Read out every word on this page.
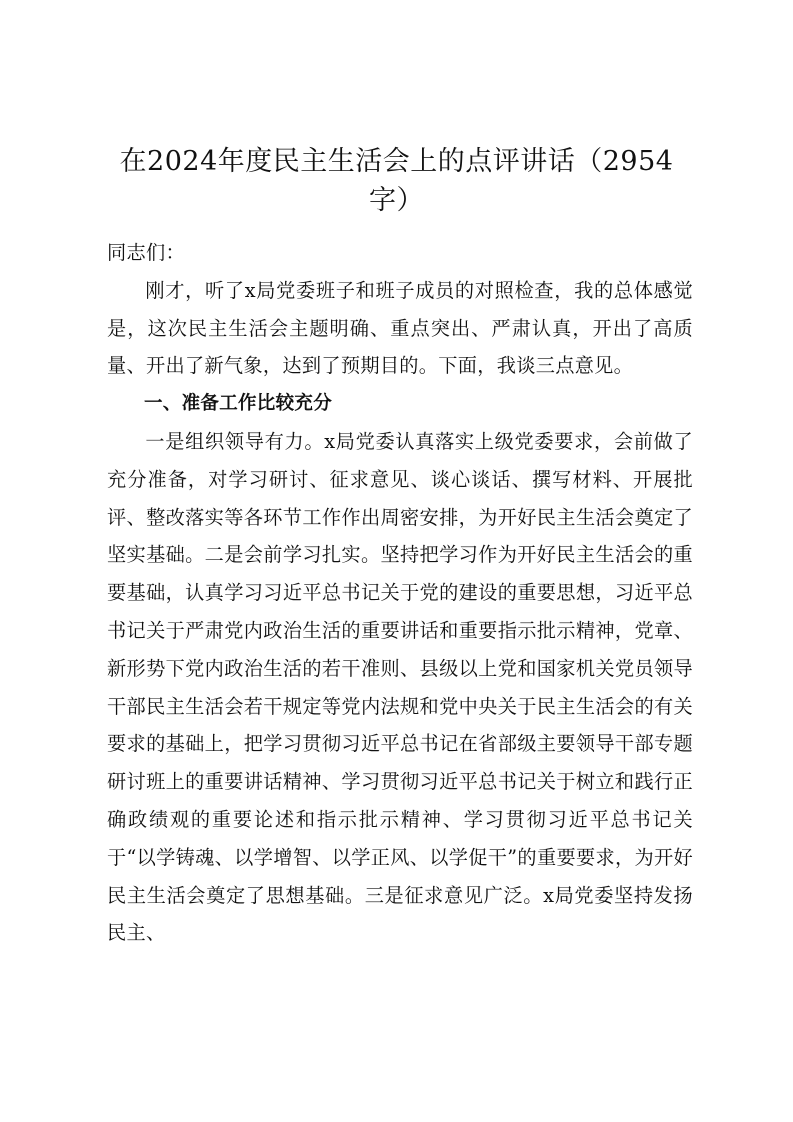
在2024年度民主生活会上的点评讲话（2954字）

同志们：

刚才，听了x局党委班子和班子成员的对照检查，我的总体感觉是，这次民主生活会主题明确、重点突出、严肃认真，开出了高质量、开出了新气象，达到了预期目的。下面，我谈三点意见。

一、准备工作比较充分

一是组织领导有力。x局党委认真落实上级党委要求，会前做了充分准备，对学习研讨、征求意见、谈心谈话、撰写材料、开展批评、整改落实等各环节工作作出周密安排，为开好民主生活会奠定了坚实基础。二是会前学习扎实。坚持把学习作为开好民主生活会的重要基础，认真学习习近平总书记关于党的建设的重要思想，习近平总书记关于严肃党内政治生活的重要讲话和重要指示批示精神，党章、新形势下党内政治生活的若干准则、县级以上党和国家机关党员领导干部民主生活会若干规定等党内法规和党中央关于民主生活会的有关要求的基础上，把学习贯彻习近平总书记在省部级主要领导干部专题研讨班上的重要讲话精神、学习贯彻习近平总书记关于树立和践行正确政绩观的重要论述和指示批示精神、学习贯彻习近平总书记关于“以学铸魂、以学增智、以学正风、以学促干”的重要要求，为开好民主生活会奠定了思想基础。三是征求意见广泛。x局党委坚持发扬民主、
